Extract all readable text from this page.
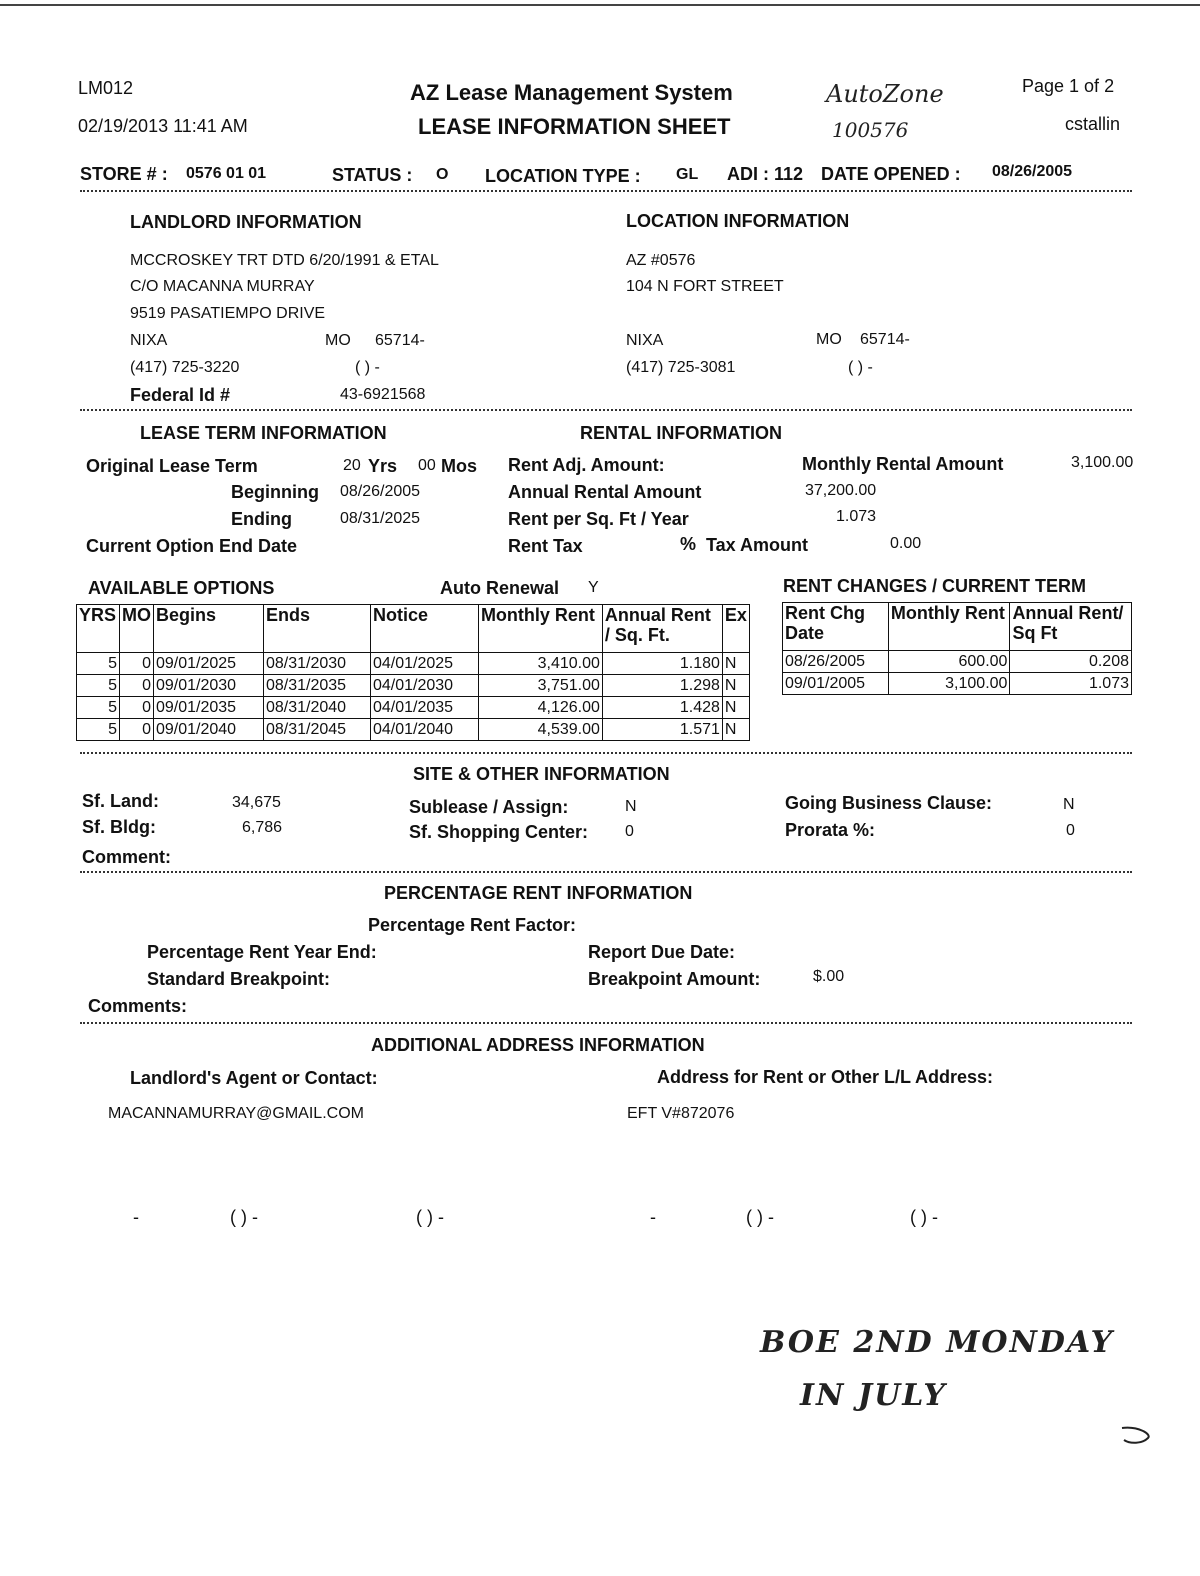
LM012
02/19/2013 11:41 AM
AZ Lease Management System
LEASE INFORMATION SHEET
AutoZone
100576
Page 1 of 2
cstallin
STORE # : 0576 01 01	STATUS : O LOCATION TYPE : GL ADI : 112 DATE OPENED : 08/26/2005
LANDLORD INFORMATION
MCCROSKEY TRT DTD 6/20/1991 & ETAL
C/O MACANNA MURRAY
9519 PASATIEMPO DRIVE
NIXA	MO 65714-
(417) 725-3220	( ) -
Federal Id #	43-6921568
LOCATION INFORMATION
AZ #0576
104 N FORT STREET
NIXA	MO 65714-
(417) 725-3081	( ) -
LEASE TERM INFORMATION
Original Lease Term	20 Yrs 00 Mos
Beginning 08/26/2005
Ending	08/31/2025
Current Option End Date
RENTAL INFORMATION
Rent Adj. Amount:	Monthly Rental Amount	3,100.00
Annual Rental Amount	37,200.00
Rent per Sq. Ft / Year	1.073
Rent Tax	% Tax Amount	0.00
AVAILABLE OPTIONS	Auto Renewal Y
YRS	MO	Begins	Ends	Notice	Monthly Rent	Annual Rent / Sq. Ft.	Ex
5	0	09/01/2025	08/31/2030	04/01/2025	3,410.00	1.180	N
5	0	09/01/2030	08/31/2035	04/01/2030	3,751.00	1.298	N
5	0	09/01/2035	08/31/2040	04/01/2035	4,126.00	1.428	N
5	0	09/01/2040	08/31/2045	04/01/2040	4,539.00	1.571	N
RENT CHANGES / CURRENT TERM
Rent Chg Date	Monthly Rent	Annual Rent/ Sq Ft
08/26/2005	600.00	0.208
09/01/2005	3,100.00	1.073
SITE & OTHER INFORMATION
Sf. Land:	34,675
Sf. Bldg:	6,786
Comment:
Sublease / Assign:	N
Sf. Shopping Center: 0
Going Business Clause:	N
Prorata %:	0
PERCENTAGE RENT INFORMATION
Percentage Rent Factor:
Percentage Rent Year End:	Report Due Date:
Standard Breakpoint:	Breakpoint Amount:	$.00
Comments:
ADDITIONAL ADDRESS INFORMATION
Landlord's Agent or Contact:
MACANNAMURRAY@GMAIL.COM
Address for Rent or Other L/L Address:
EFT V#872076
-	( ) -	( ) -	-	( ) -	( ) -
BOE 2ND MONDAY
IN JULY
